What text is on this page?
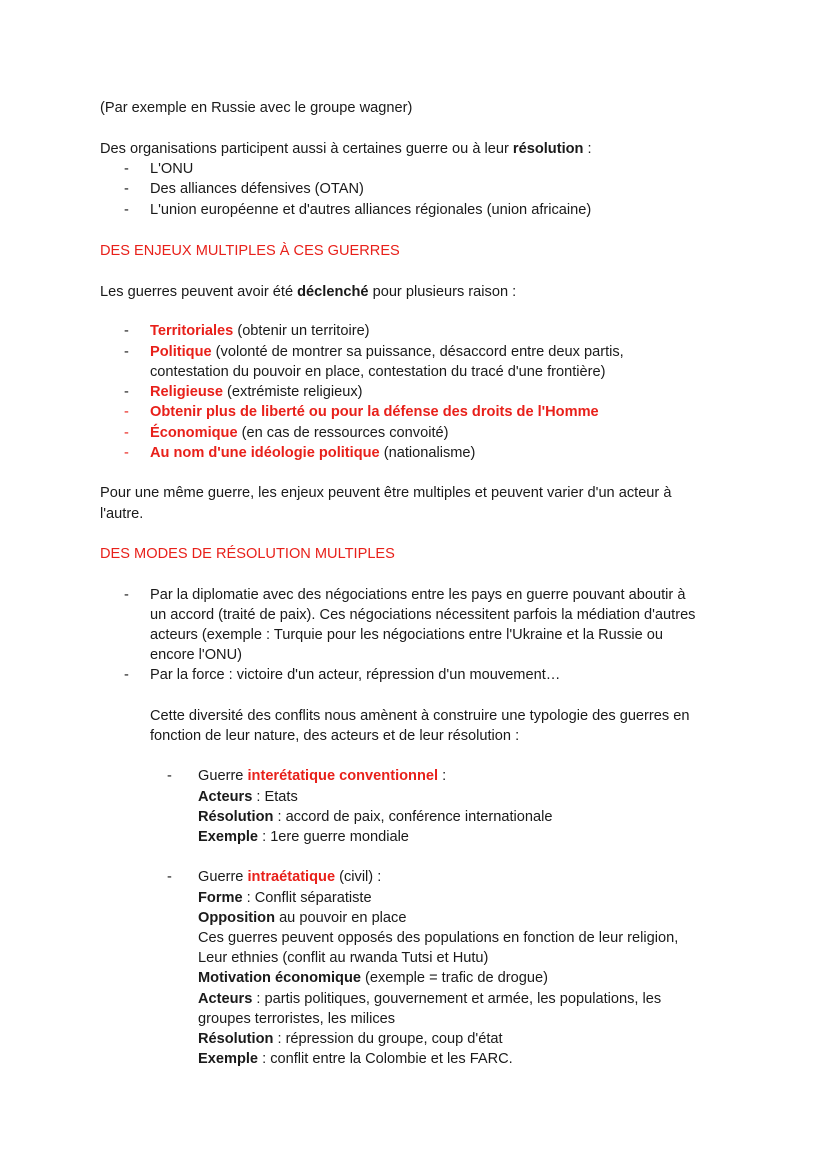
(Par exemple en Russie avec le groupe wagner)
Des organisations participent aussi à certaines guerre ou à leur résolution :
- L'ONU
- Des alliances défensives (OTAN)
- L'union européenne et d'autres alliances régionales (union africaine)
DES ENJEUX MULTIPLES À CES GUERRES
Les guerres peuvent avoir été déclenché pour plusieurs raison :
- Territoriales (obtenir un territoire)
- Politique (volonté de montrer sa puissance, désaccord entre deux partis,
contestation du pouvoir en place, contestation du tracé d'une frontière)
- Religieuse (extrémiste religieux)
- Obtenir plus de liberté ou pour la défense des droits de l'Homme
- Économique (en cas de ressources convoité)
- Au nom d'une idéologie politique (nationalisme)
Pour une même guerre, les enjeux peuvent être multiples et peuvent varier d'un acteur à
l'autre.
DES MODES DE RÉSOLUTION MULTIPLES
- Par la diplomatie avec des négociations entre les pays en guerre pouvant aboutir à
un accord (traité de paix). Ces négociations nécessitent parfois la médiation d'autres
acteurs (exemple : Turquie pour les négociations entre l'Ukraine et la Russie ou
encore l'ONU)
- Par la force : victoire d'un acteur, répression d'un mouvement…
Cette diversité des conflits nous amènent à construire une typologie des guerres en
fonction de leur nature, des acteurs et de leur résolution :
- Guerre interétatique conventionnel :
Acteurs : Etats
Résolution : accord de paix, conférence internationale
Exemple : 1ere guerre mondiale
- Guerre intraétatique (civil) :
Forme : Conflit séparatiste
Opposition au pouvoir en place
Ces guerres peuvent opposés des populations en fonction de leur religion,
Leur ethnies (conflit au rwanda Tutsi et Hutu)
Motivation économique (exemple = trafic de drogue)
Acteurs : partis politiques, gouvernement et armée, les populations, les
groupes terroristes, les milices
Résolution : répression du groupe, coup d'état
Exemple : conflit entre la Colombie et les FARC.
